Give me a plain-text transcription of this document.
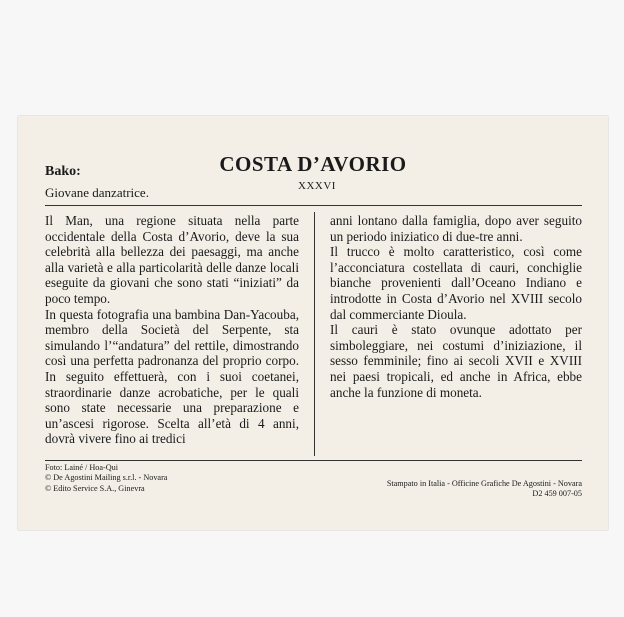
COSTA D’AVORIO
Bako:
Giovane danzatrice.	XXXVI

Il Man, una regione situata nella parte occidentale della Costa d’Avorio, deve la sua celebrità alla bellezza dei paesaggi, ma anche alla varietà e alla particolarità delle danze locali eseguite da giovani che sono stati “iniziati” da poco tempo.

In questa fotografia una bambina Dan-Yacouba, membro della Società del Serpente, sta simulando l’“andatura” del rettile, dimostrando così una perfetta padronanza del proprio corpo. In seguito effettuerà, con i suoi coetanei, straordinarie danze acrobatiche, per le quali sono state necessarie una preparazione e un’ascesi rigorose. Scelta all’età di 4 anni, dovrà vivere fino ai tredici

anni lontano dalla famiglia, dopo aver seguito un periodo iniziatico di due-tre anni.

Il trucco è molto caratteristico, così come l’acconciatura costellata di cauri, conchiglie bianche provenienti dall’Oceano Indiano e introdotte in Costa d’Avorio nel XVIII secolo dal commerciante Dioula.

Il cauri è stato ovunque adottato per simboleggiare, nei costumi d’iniziazione, il sesso femminile; fino ai secoli XVII e XVIII nei paesi tropicali, ed anche in Africa, ebbe anche la funzione di moneta.

Foto: Lainé / Hoa-Qui
© De Agostini Mailing s.r.l. - Novara
© Edito Service S.A., Ginevra
Stampato in Italia - Officine Grafiche De Agostini - Novara
D2 459 007-05
